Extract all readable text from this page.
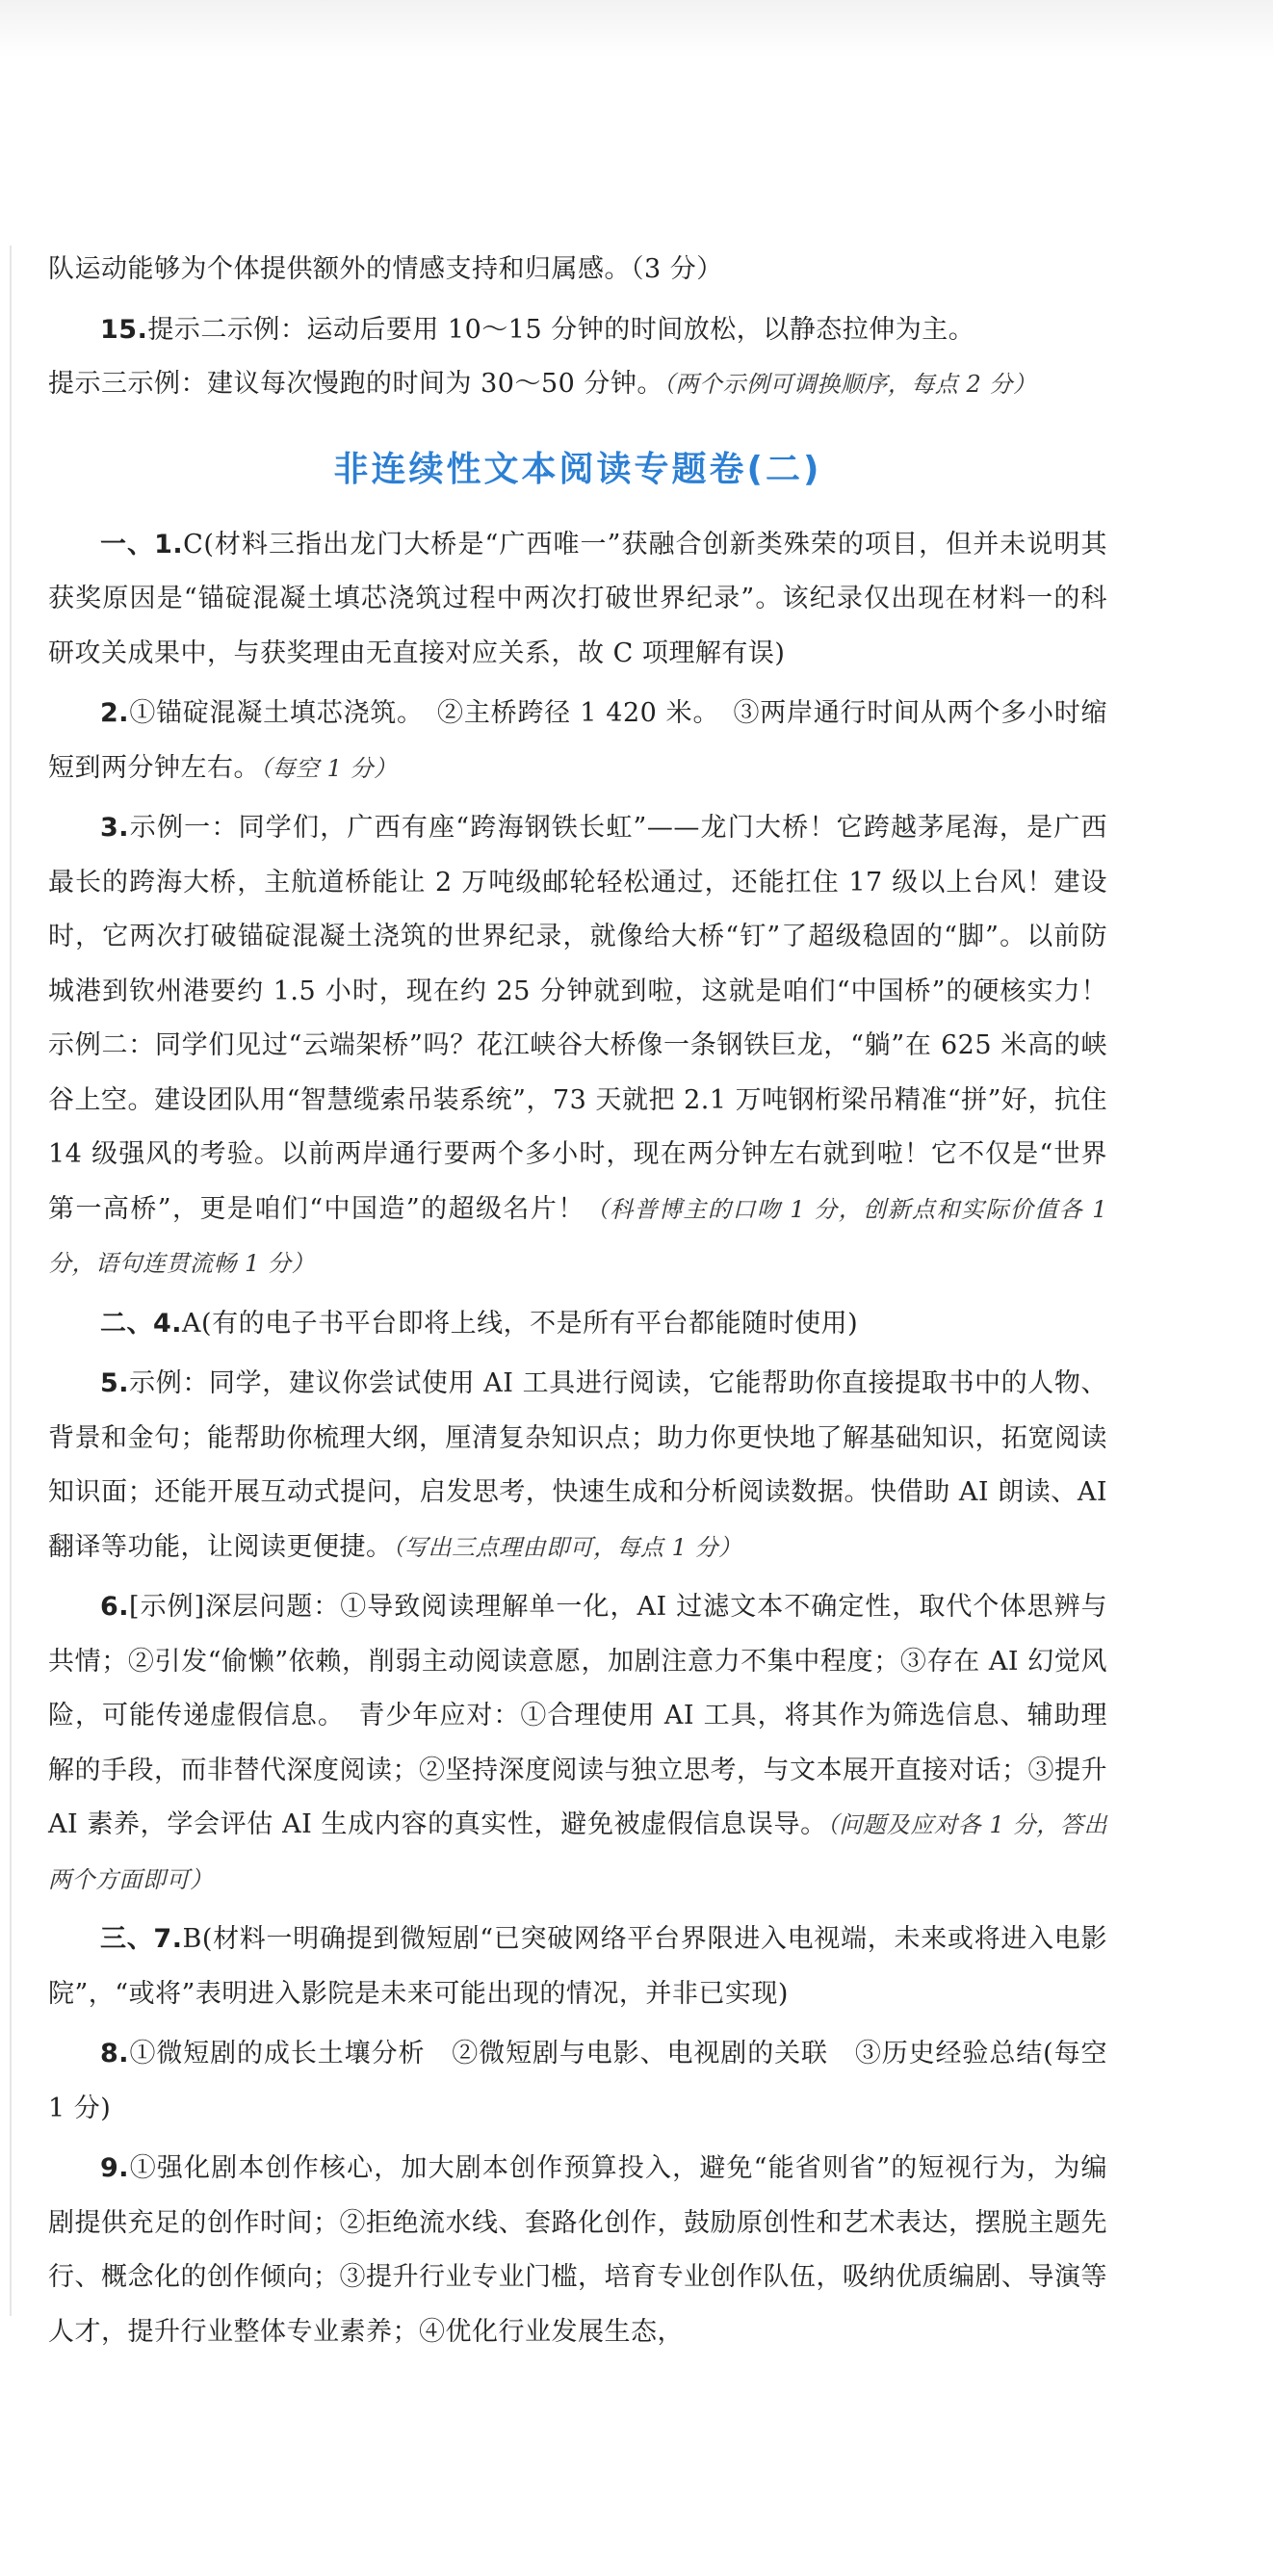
队运动能够为个体提供额外的情感支持和归属感。（3 分）

15.提示二示例：运动后要用 10～15 分钟的时间放松，以静态拉伸为主。

提示三示例：建议每次慢跑的时间为 30～50 分钟。（两个示例可调换顺序，每点 2 分）

非连续性文本阅读专题卷(二)

一、1.C(材料三指出龙门大桥是“广西唯一”获融合创新类殊荣的项目，但并未说明其获奖原因是“锚碇混凝土填芯浇筑过程中两次打破世界纪录”。该纪录仅出现在材料一的科研攻关成果中，与获奖理由无直接对应关系，故 C 项理解有误)

2.①锚碇混凝土填芯浇筑。　②主桥跨径 1 420 米。　③两岸通行时间从两个多小时缩短到两分钟左右。（每空 1 分）

3.示例一：同学们，广西有座“跨海钢铁长虹”——龙门大桥！它跨越茅尾海，是广西最长的跨海大桥，主航道桥能让 2 万吨级邮轮轻松通过，还能扛住 17 级以上台风！建设时，它两次打破锚碇混凝土浇筑的世界纪录，就像给大桥“钉”了超级稳固的“脚”。以前防城港到钦州港要约 1.5 小时，现在约 25 分钟就到啦，这就是咱们“中国桥”的硬核实力！　示例二：同学们见过“云端架桥”吗？花江峡谷大桥像一条钢铁巨龙，“躺”在 625 米高的峡谷上空。建设团队用“智慧缆索吊装系统”，73 天就把 2.1 万吨钢桁梁吊精准“拼”好，抗住 14 级强风的考验。以前两岸通行要两个多小时，现在两分钟左右就到啦！它不仅是“世界第一高桥”，更是咱们“中国造”的超级名片！（科普博主的口吻 1 分，创新点和实际价值各 1 分，语句连贯流畅 1 分）

二、4.A(有的电子书平台即将上线，不是所有平台都能随时使用)

5.示例：同学，建议你尝试使用 AI 工具进行阅读，它能帮助你直接提取书中的人物、背景和金句；能帮助你梳理大纲，厘清复杂知识点；助力你更快地了解基础知识，拓宽阅读知识面；还能开展互动式提问，启发思考，快速生成和分析阅读数据。快借助 AI 朗读、AI 翻译等功能，让阅读更便捷。（写出三点理由即可，每点 1 分）

6.[示例]深层问题：①导致阅读理解单一化，AI 过滤文本不确定性，取代个体思辨与共情；②引发“偷懒”依赖，削弱主动阅读意愿，加剧注意力不集中程度；③存在 AI 幻觉风险，可能传递虚假信息。　青少年应对：①合理使用 AI 工具，将其作为筛选信息、辅助理解的手段，而非替代深度阅读；②坚持深度阅读与独立思考，与文本展开直接对话；③提升 AI 素养，学会评估 AI 生成内容的真实性，避免被虚假信息误导。（问题及应对各 1 分，答出两个方面即可）

三、7.B(材料一明确提到微短剧“已突破网络平台界限进入电视端，未来或将进入电影院”，“或将”表明进入影院是未来可能出现的情况，并非已实现)

8.①微短剧的成长土壤分析　②微短剧与电影、电视剧的关联　③历史经验总结(每空 1 分)

9.①强化剧本创作核心，加大剧本创作预算投入，避免“能省则省”的短视行为，为编剧提供充足的创作时间；②拒绝流水线、套路化创作，鼓励原创性和艺术表达，摆脱主题先行、概念化的创作倾向；③提升行业专业门槛，培育专业创作队伍，吸纳优质编剧、导演等人才，提升行业整体专业素养；④优化行业发展生态，
